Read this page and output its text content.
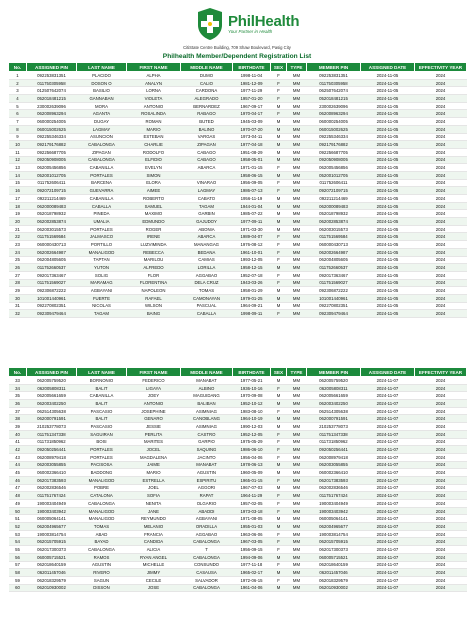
PhilHealth
Your Partner in Health
CitiState Centre Building, 709 Shaw Boulevard, Pasig City
Philhealth Member/Dependent Registration List
No.	ASSIGNED PIN	LAST NAME	FIRST NAME	MIDDLE NAME	BIRTHDATE	SEX	TYPE	MEMBER PIN	ASSIGNED DATE	EFFECTIVITY YEAR
1	092253831351	PLACIDO	ALPHA	DUMO	1998-11-04	F	MM	092253831351	2024-11-05	2024
2	011750305958	DOSON O	ANALYN	CALIO	1981-12-09	F	MM	011750305958	2024-11-05	2024
3	012507642074	BASILIO	LORNA	CARDONA	1977-11-29	F	MM	062507642074	2024-11-05	2024
4	052018481215	GANNABAN	VIOLETA	ALEGRADO	1957-01-20	F	MM	052018481215	2024-11-05	2024
5	230002639096	MORA	ANTONIO	BERNARDEZ	1967-09-17	M	MM	230002639096	2024-11-05	2024
6	062008963294	AGANTA	ROSALINDA	RABAGO	1970-04-17	F	MM	062008963294	2024-11-05	2024
7	060000254005	DUGAY	ROMAN	BUTED	1945-03-09	M	MM	060000254005	2024-11-05	2024
8	060015002625	LAGMAY	MARIO	BALINO	1970-07-20	M	MM	060015002625	2024-11-05	2024
9	092255346334	ASUNCION	ESTEBAN	VARGAS	1973-04-11	M	MM	092255346334	2024-11-05	2024
10	092179176882	CABALONGA	CHARLIE	ZIPAGAN	1977-04-18	M	MM	092179176882	2024-11-05	2024
11	092256687705	ZIPAGAN	RODOLFO	CABAGO	1951-08-29	M	MM	092256687705	2024-11-05	2024
12	092050908005	CABALONGA	ELFIDIO	CABAGO	1958-05-01	M	MM	092050908005	2024-11-05	2024
13	062005456856	CABANILLA	EVELYN	ABARCA	1971-01-15	F	MM	062005456856	2024-11-05	2024
14	052001012705	PORTALES	SIMON		1958-06-15	M	MM	052001012705	2024-11-05	2024
15	011752606411	BARCENA	ELORA	VINARAO	1956-09-05	F	MM	011752606411	2024-11-05	2024
16	092072109715	GUEVARRA	AIMEE	LAGMAY	1986-07-13	F	MM	092072109715	2024-11-05	2024
17	092211214469	CABANILLA	ROBERTO	CABATO	1956-11-19	M	MM	092211214469	2024-11-05	2024
18	062000089483	CABALLA	SAMUEL	TAGAM	1944-01-04	M	MM	062000089483	2024-11-05	2024
19	052018798932	PINEDA	MAXIMO	GARBIN	1985-07-22	M	MM	052018798932	2024-11-05	2024
20	062002853874	UMALIA	EDMUNDO	GAJUDOY	1977-09-11	M	MM	062002853874	2024-11-05	2024
21	062003015573	PORTALES	ROGER	ABONIA	1971-03-30	M	MM	062003015573	2024-11-05	2024
22	011751569584	JALMASCO	IRENE	ABARCA	1989-04-07	F	MM	011751569584	2024-11-05	2024
23	060000430713	PORTILLO	LUZVIMINDA	MANANGAG	1976-08-12	F	MM	060000430713	2024-11-05	2024
24	062002664987	MANALIGOD	REBECCA	BEDANA	1961-10-01	F	MM	062002664987	2024-11-05	2024
25	062004805605	TAPTAN	MARILOU	CAMIAS	1993-12-05	F	MM	062004805605	2024-11-05	2024
26	011752660537	YUTON	ALFREDO	LORILLA	1958-12-15	M	MM	011752660537	2024-11-05	2024
27	092017363467	SOLIG	FLOR	AGGABAO	1952-07-18	F	MM	092017363467	2024-11-05	2024
28	011751569027	MARAMAG	FLORENTINA	DELA CRUZ	1943-03-26	F	MM	011751569027	2024-11-05	2024
29	092306872222	AGBAYANI	NAPOLEON	TOMAS	1958-01-29	M	MM	092306872222	2024-11-05	2024
30	101001440961	FUERTE	RAFAEL	CAMONAYAN	1979-01-25	M	MM	101001440961	2024-11-05	2024
31	092270802351	NICOLAS	WILSON	PASCUAL	1964-09-21	M	MM	092270802351	2024-11-05	2024
32	092309479464	TAGAM	BAING	CABALLA	1998-09-11	F	MM	092309479464	2024-11-05	2024
No.	ASSIGNED PIN	LAST NAME	FIRST NAME	MIDDLE NAME	BIRTHDATE	SEX	TYPE	MEMBER PIN	ASSIGNED DATE	EFFECTIVITY YEAR
33	062005759520	BORNONIO	FEDERICO	MANABAT	1977-05-21	M	MM	062005759520	2024-11-07	2024
34	062005808311	BALIT	LIGAYA	ALBINO	1936-10-16	F	MM	062005808311	2024-11-07	2024
35	062005661659	CABANILLA	JOEY	MAGUIDANG	1970-09-08	M	MM	062005661659	2024-11-07	2024
36	062003402250	BALIT	ANTONIO	BALIBAN	1952-10-12	M	MM	062003402250	2024-11-07	2024
37	062514305638	PASCASIO	JOSEPHINE	ASIMNIAG	1983-08-10	F	MM	062514305638	2024-11-07	2024
38	062000791591	BALIT	GENARO	CANOBLANG	1964-10-19	M	MM	062000791591	2024-11-07	2024
39	210253778073	PASCASIO	JESSIE	ASIMNIAG	1990-12-03	M	MM	210253778073	2024-11-07	2024
40	011751347338	SAGUIRAN	PERLITA	CASTRO	1952-12-05	F	MM	011751347338	2024-11-07	2024
41	011731850962	BOSI	MARITES	GARPIO	1975-05-29	F	MM	011731850962	2024-11-07	2024
42	092050256441	PORTALES	JOCEL	SAQUING	1986-06-10	F	MM	092050256441	2024-11-07	2024
43	062008979418	PORTALES	MAGDALENA	JACINTO	1956-04-06	F	MM	062008979418	2024-11-07	2024
44	062003055855	PACISOSA	JAIME	MANABAT	1978-06-13	M	MM	062003055855	2024-11-07	2024
45	060002366410	BADDONG	MARIO	AGUSTIN	1960-05-09	M	MM	060002366410	2024-11-07	2024
46	062017383593	MANALIGOD	ESTRELLA	ESPIRITU	1965-01-15	F	MM	062017383593	2024-11-07	2024
47	062002836546	POBRE	JOEL	AGGORI	1967-07-03	M	MM	062002836546	2024-11-07	2024
48	011751767424	CATALONA	SOFIA	RAPAT	1964-11-29	F	MM	011751767424	2024-11-07	2024
49	190003404949	CABALONGA	NENITA	OLGARIO	1957-02-05	F	MM	190003404949	2024-11-07	2024
50	190003403942	MANALIGOD	JANE	ABADDI	1973-03-18	F	MM	190003403942	2024-11-07	2024
51	060005064141	MANALIGOD	REYMUNDO	AGBAYANI	1971-08-05	M	MM	060005064141	2024-11-07	2024
52	062004965677	TOMAS	MELANIO	ORADILLA	1955-01-03	M	MM	062004965677	2024-11-07	2024
53	190003814754	ABAD	FRANCIA	AGGABAO	1963-06-06	F	MM	190003814754	2024-11-07	2024
54	062015705915	BAYAD	CANDIDA	CABALONGA	1967-03-05	F	MM	062015705915	2024-11-07	2024
55	062017300373	CABALONGA	ALICIA	T	1956-09-15	F	MM	062017300373	2024-11-07	2024
56	060005715521	RAMOS	RYAN ANGEL	CABALONGA	1994-09-06	M	MM	060005715521	2024-11-07	2024
57	062018640159	AGUSTIN	MICHELLE	CONSUNDO	1977-11-18	F	MM	062018640159	2024-11-07	2024
58	062011457046	RIVERO	JIMMY	CASAUSA	1965-02-17	M	MM	062011457046	2024-11-07	2024
59	062018329579	SAGUN	CECILE	SALVADOR	1972-06-15	F	MM	062018329579	2024-11-07	2024
60	062010930002	DISSON	JOSE	CABALONGA	1961-04-06	M	MM	062010930002	2024-11-07	2024
